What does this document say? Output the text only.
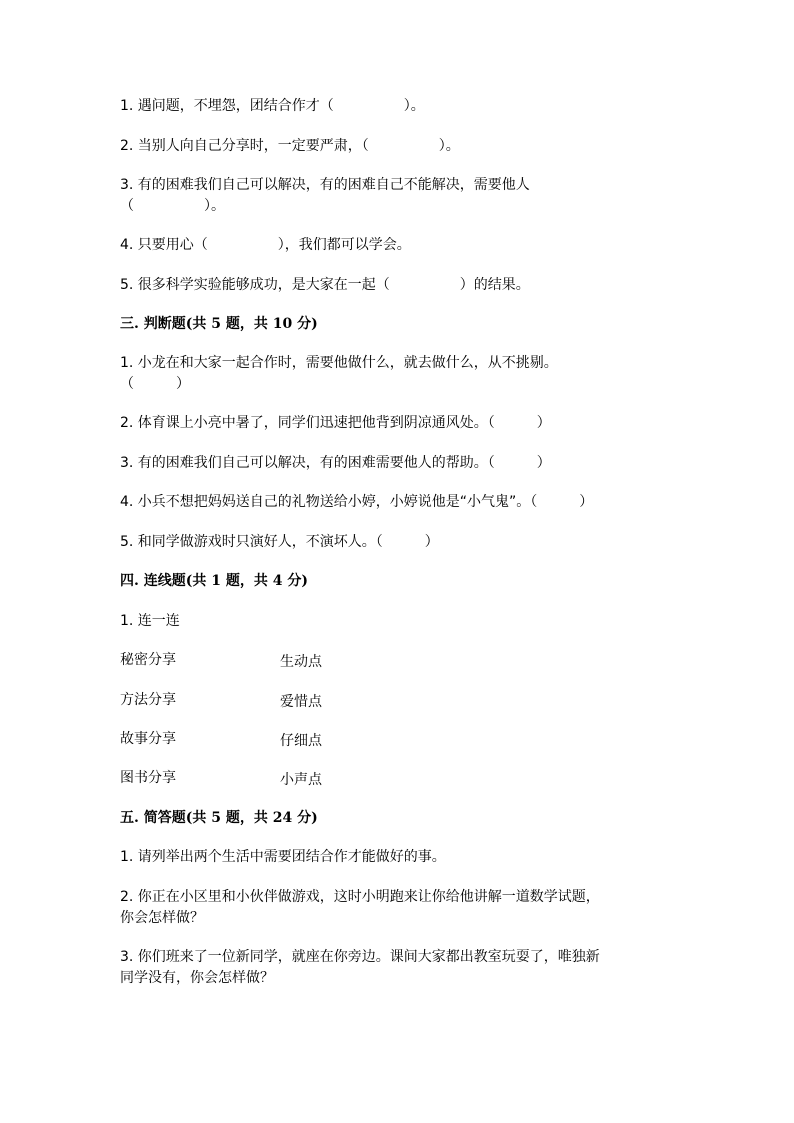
1. 遇问题，不埋怨，团结合作才（　　　　　）。
2. 当别人向自己分享时，一定要严肃，（　　　　　）。
3. 有的困难我们自己可以解决，有的困难自己不能解决，需要他人
（　　　　　）。
4. 只要用心（　　　　　），我们都可以学会。
5. 很多科学实验能够成功，是大家在一起（　　　　　）的结果。
三. 判断题(共 5 题，共 10 分)
1. 小龙在和大家一起合作时，需要他做什么，就去做什么，从不挑剔。
（　　　）
2. 体育课上小亮中暑了，同学们迅速把他背到阴凉通风处。（　　　）
3. 有的困难我们自己可以解决，有的困难需要他人的帮助。（　　　）
4. 小兵不想把妈妈送自己的礼物送给小婷，小婷说他是“小气鬼”。（　　　）
5. 和同学做游戏时只演好人，不演坏人。（　　　）
四. 连线题(共 1 题，共 4 分)
1. 连一连
秘密分享	生动点
方法分享	爱惜点
故事分享	仔细点
图书分享	小声点
五. 简答题(共 5 题，共 24 分)
1. 请列举出两个生活中需要团结合作才能做好的事。
2. 你正在小区里和小伙伴做游戏，这时小明跑来让你给他讲解一道数学试题，
你会怎样做？
3. 你们班来了一位新同学，就座在你旁边。课间大家都出教室玩耍了，唯独新
同学没有，你会怎样做？
